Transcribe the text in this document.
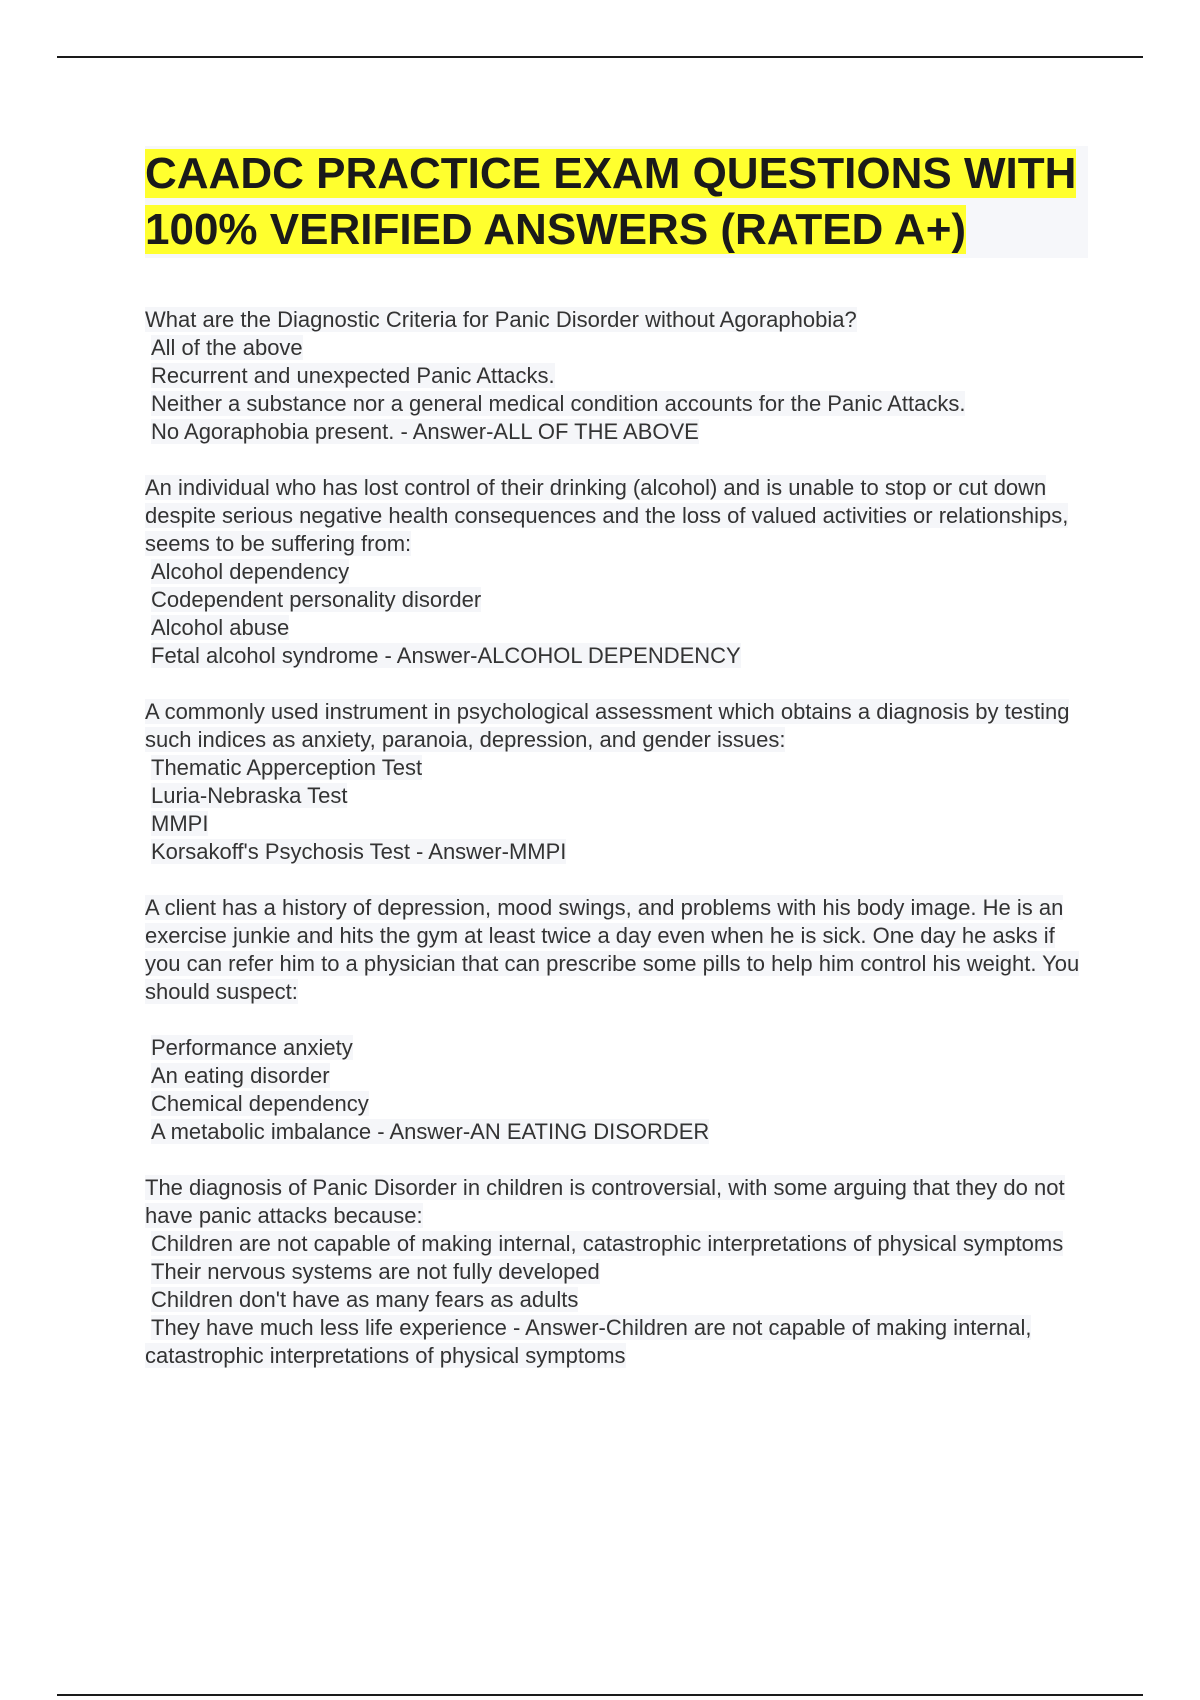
CAADC PRACTICE EXAM QUESTIONS WITH 100% VERIFIED ANSWERS (RATED A+)

What are the Diagnostic Criteria for Panic Disorder without Agoraphobia?

All of the above
Recurrent and unexpected Panic Attacks.
Neither a substance nor a general medical condition accounts for the Panic Attacks.
No Agoraphobia present. - Answer-ALL OF THE ABOVE

An individual who has lost control of their drinking (alcohol) and is unable to stop or cut down despite serious negative health consequences and the loss of valued activities or relationships, seems to be suffering from:

Alcohol dependency
Codependent personality disorder
Alcohol abuse
Fetal alcohol syndrome - Answer-ALCOHOL DEPENDENCY

A commonly used instrument in psychological assessment which obtains a diagnosis by testing such indices as anxiety, paranoia, depression, and gender issues:

Thematic Apperception Test
Luria-Nebraska Test
MMPI
Korsakoff's Psychosis Test - Answer-MMPI

A client has a history of depression, mood swings, and problems with his body image. He is an exercise junkie and hits the gym at least twice a day even when he is sick. One day he asks if you can refer him to a physician that can prescribe some pills to help him control his weight. You should suspect:

Performance anxiety
An eating disorder
Chemical dependency
A metabolic imbalance - Answer-AN EATING DISORDER

The diagnosis of Panic Disorder in children is controversial, with some arguing that they do not have panic attacks because:

Children are not capable of making internal, catastrophic interpretations of physical symptoms

Their nervous systems are not fully developed
Children don't have as many fears as adults

They have much less life experience - Answer-Children are not capable of making internal, catastrophic interpretations of physical symptoms
